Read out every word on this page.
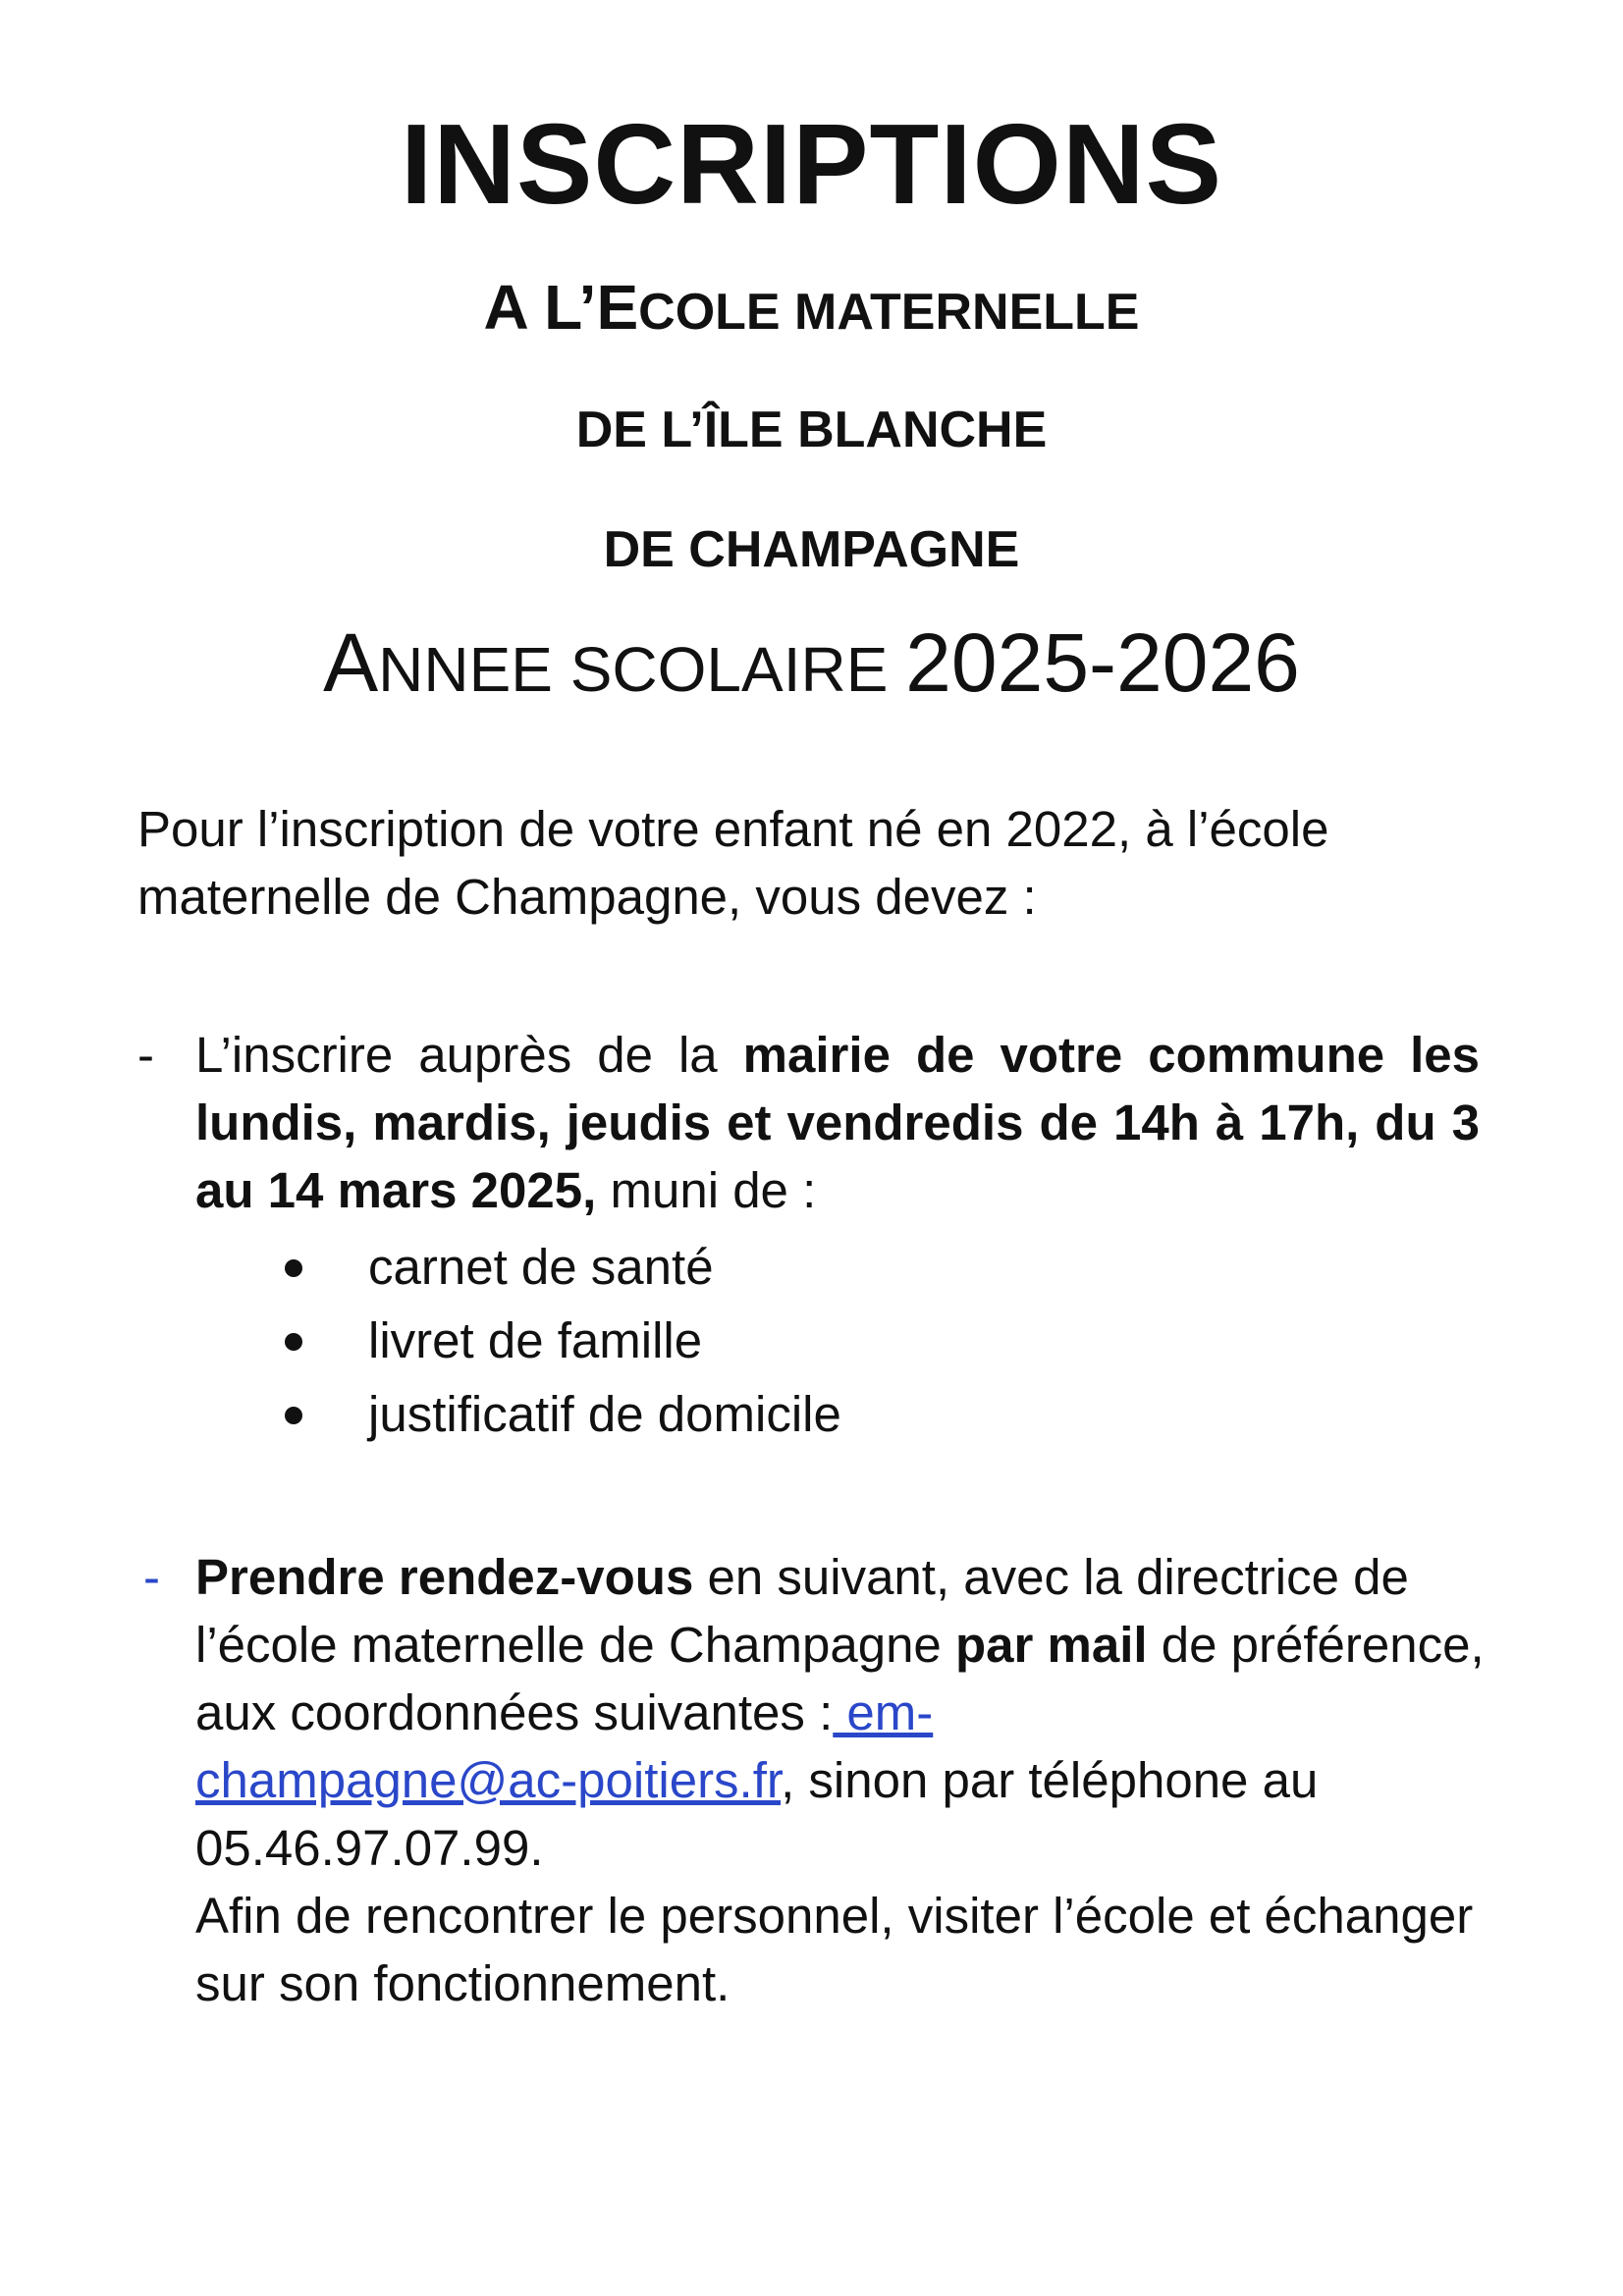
INSCRIPTIONS
A L’ECOLE MATERNELLE
DE L’ÎLE BLANCHE
DE CHAMPAGNE
ANNEE SCOLAIRE 2025-2026
Pour l’inscription de votre enfant né en 2022, à l’école
maternelle de Champagne, vous devez :
- L’inscrire auprès de la mairie de votre commune les lundis, mardis, jeudis et vendredis de 14h à 17h, du 3 au 14 mars 2025, muni de :
carnet de santé
livret de famille
justificatif de domicile
- Prendre rendez-vous en suivant, avec la directrice de l’école maternelle de Champagne par mail de préférence, aux coordonnées suivantes : em-
champagne@ac-poitiers.fr, sinon par téléphone au 05.46.97.07.99.
Afin de rencontrer le personnel, visiter l’école et échanger sur son fonctionnement.
